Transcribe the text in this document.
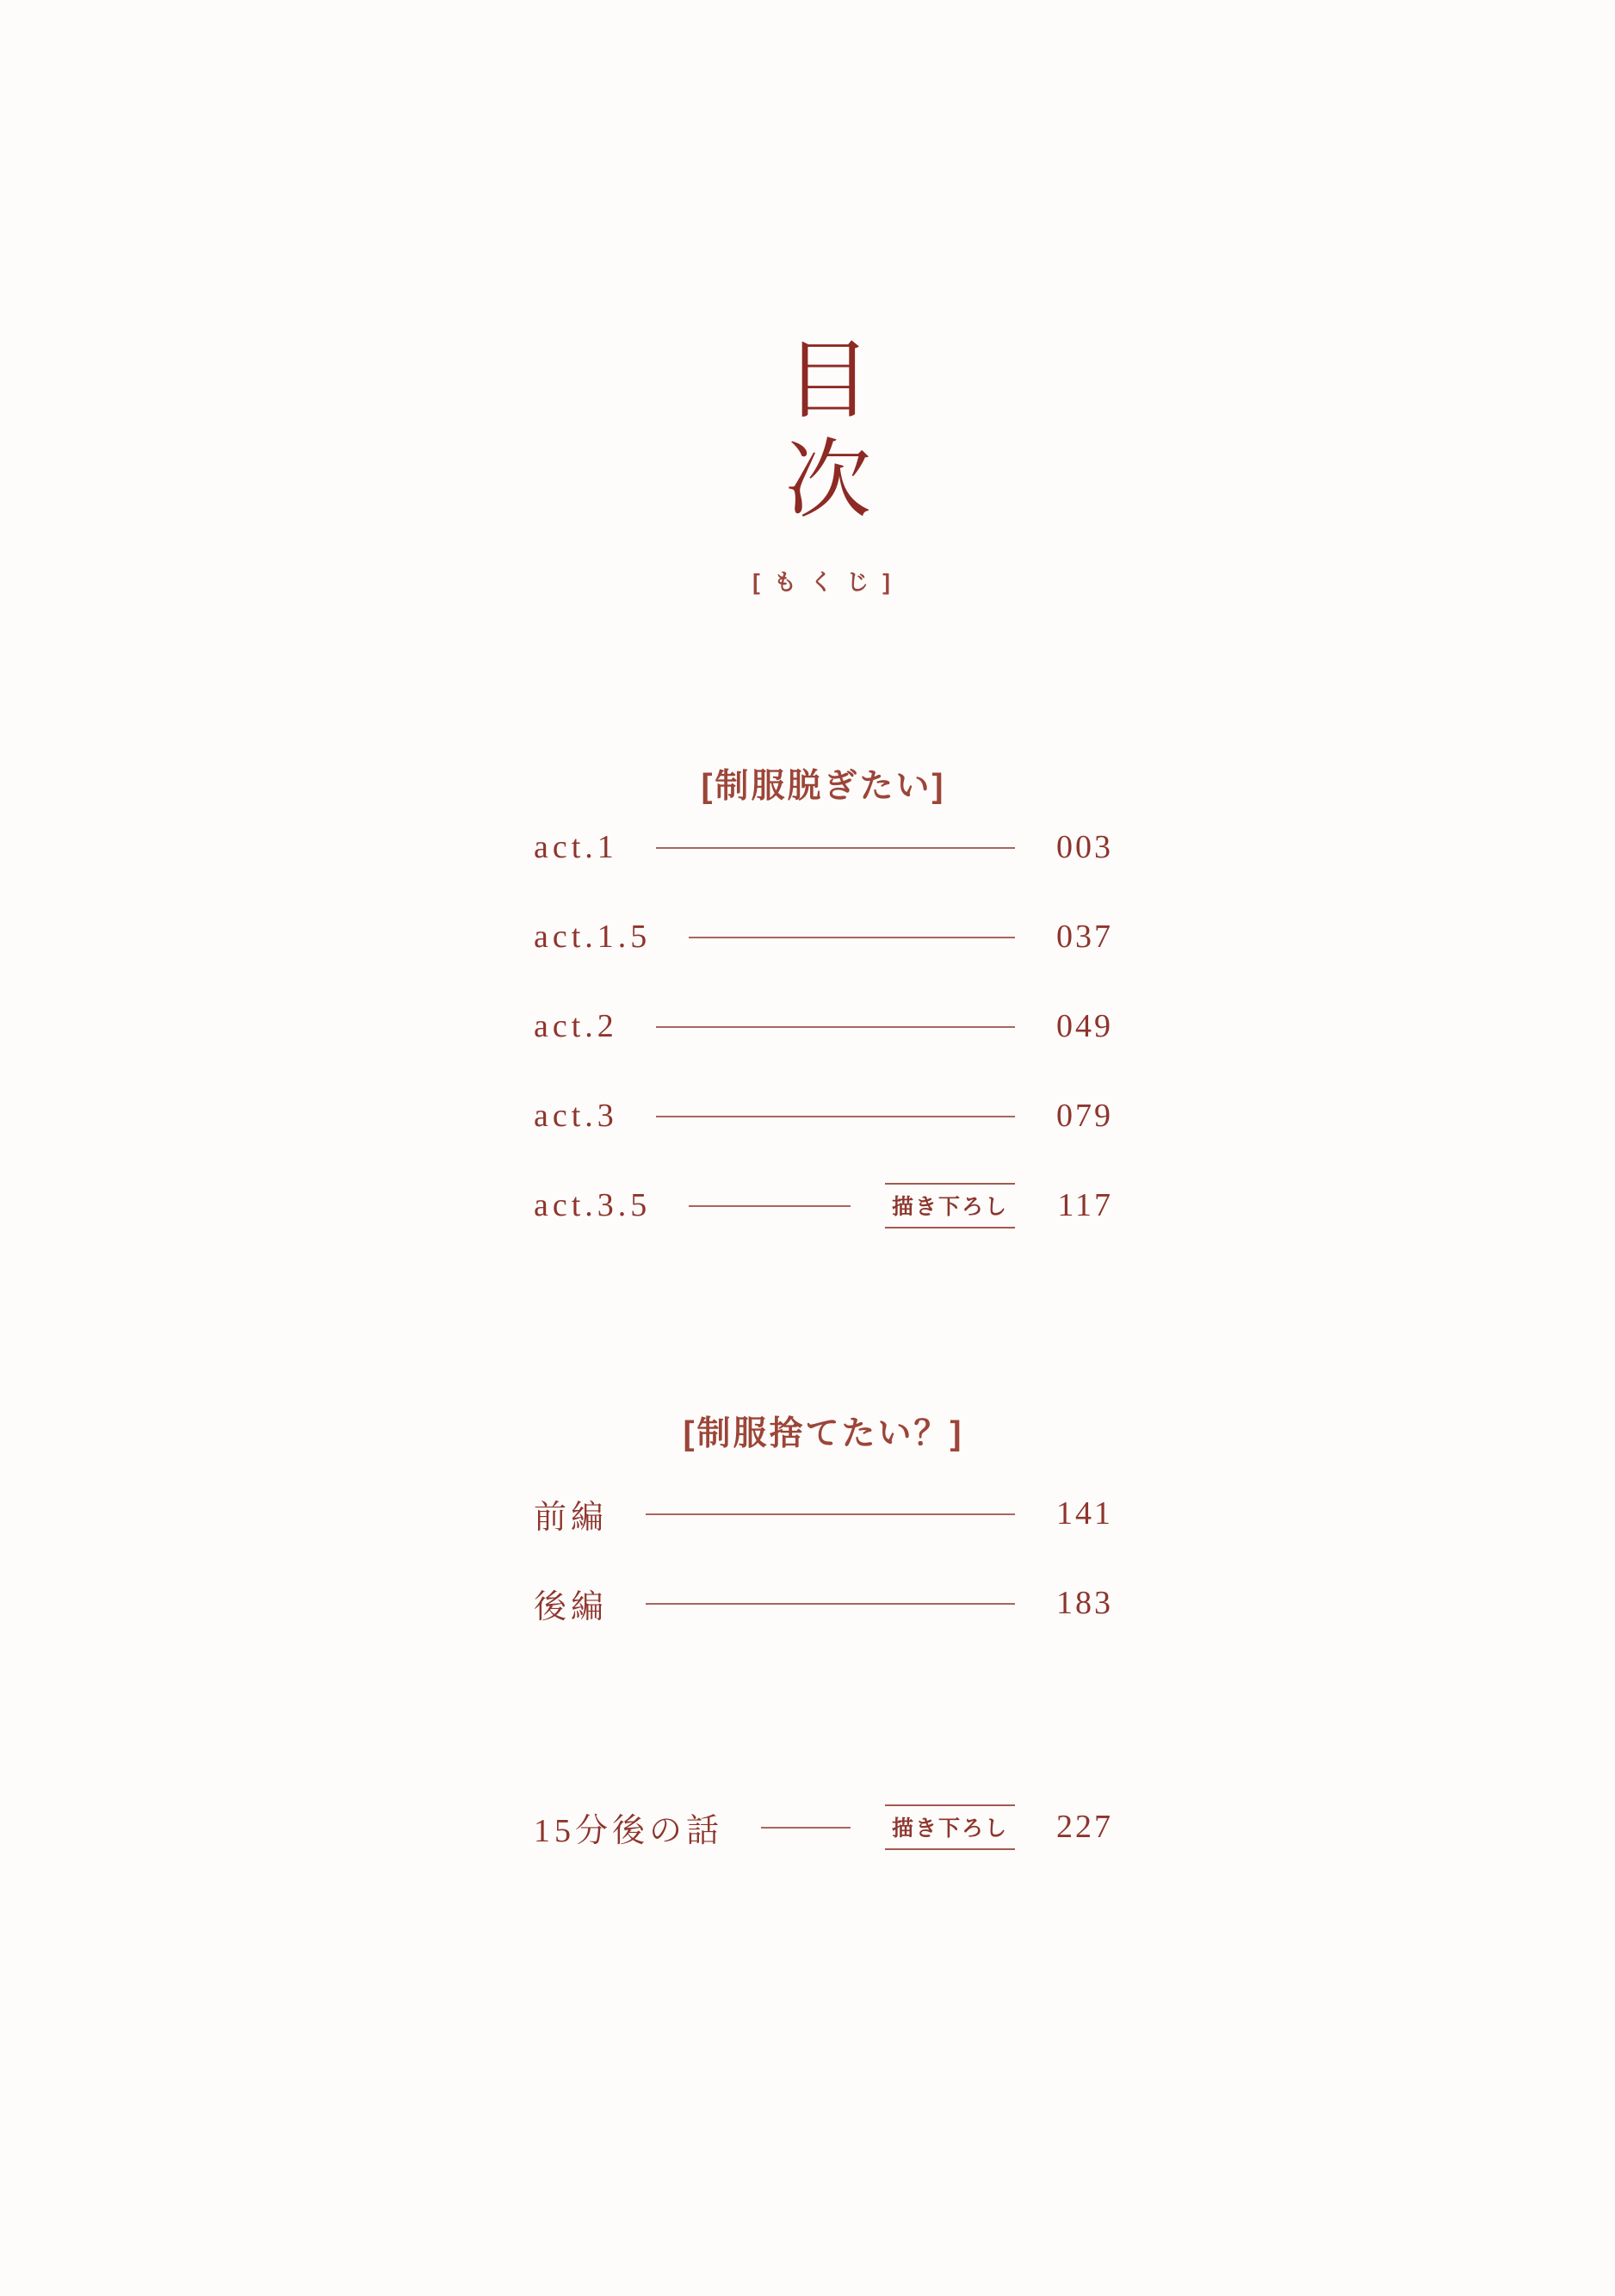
目次
[もくじ]
[制服脱ぎたい]
act.1	003
act.1.5	037
act.2	049
act.3	079
act.3.5	描き下ろし 117
[制服捨てたい？]
前編	141
後編	183
15分後の話	描き下ろし 227
